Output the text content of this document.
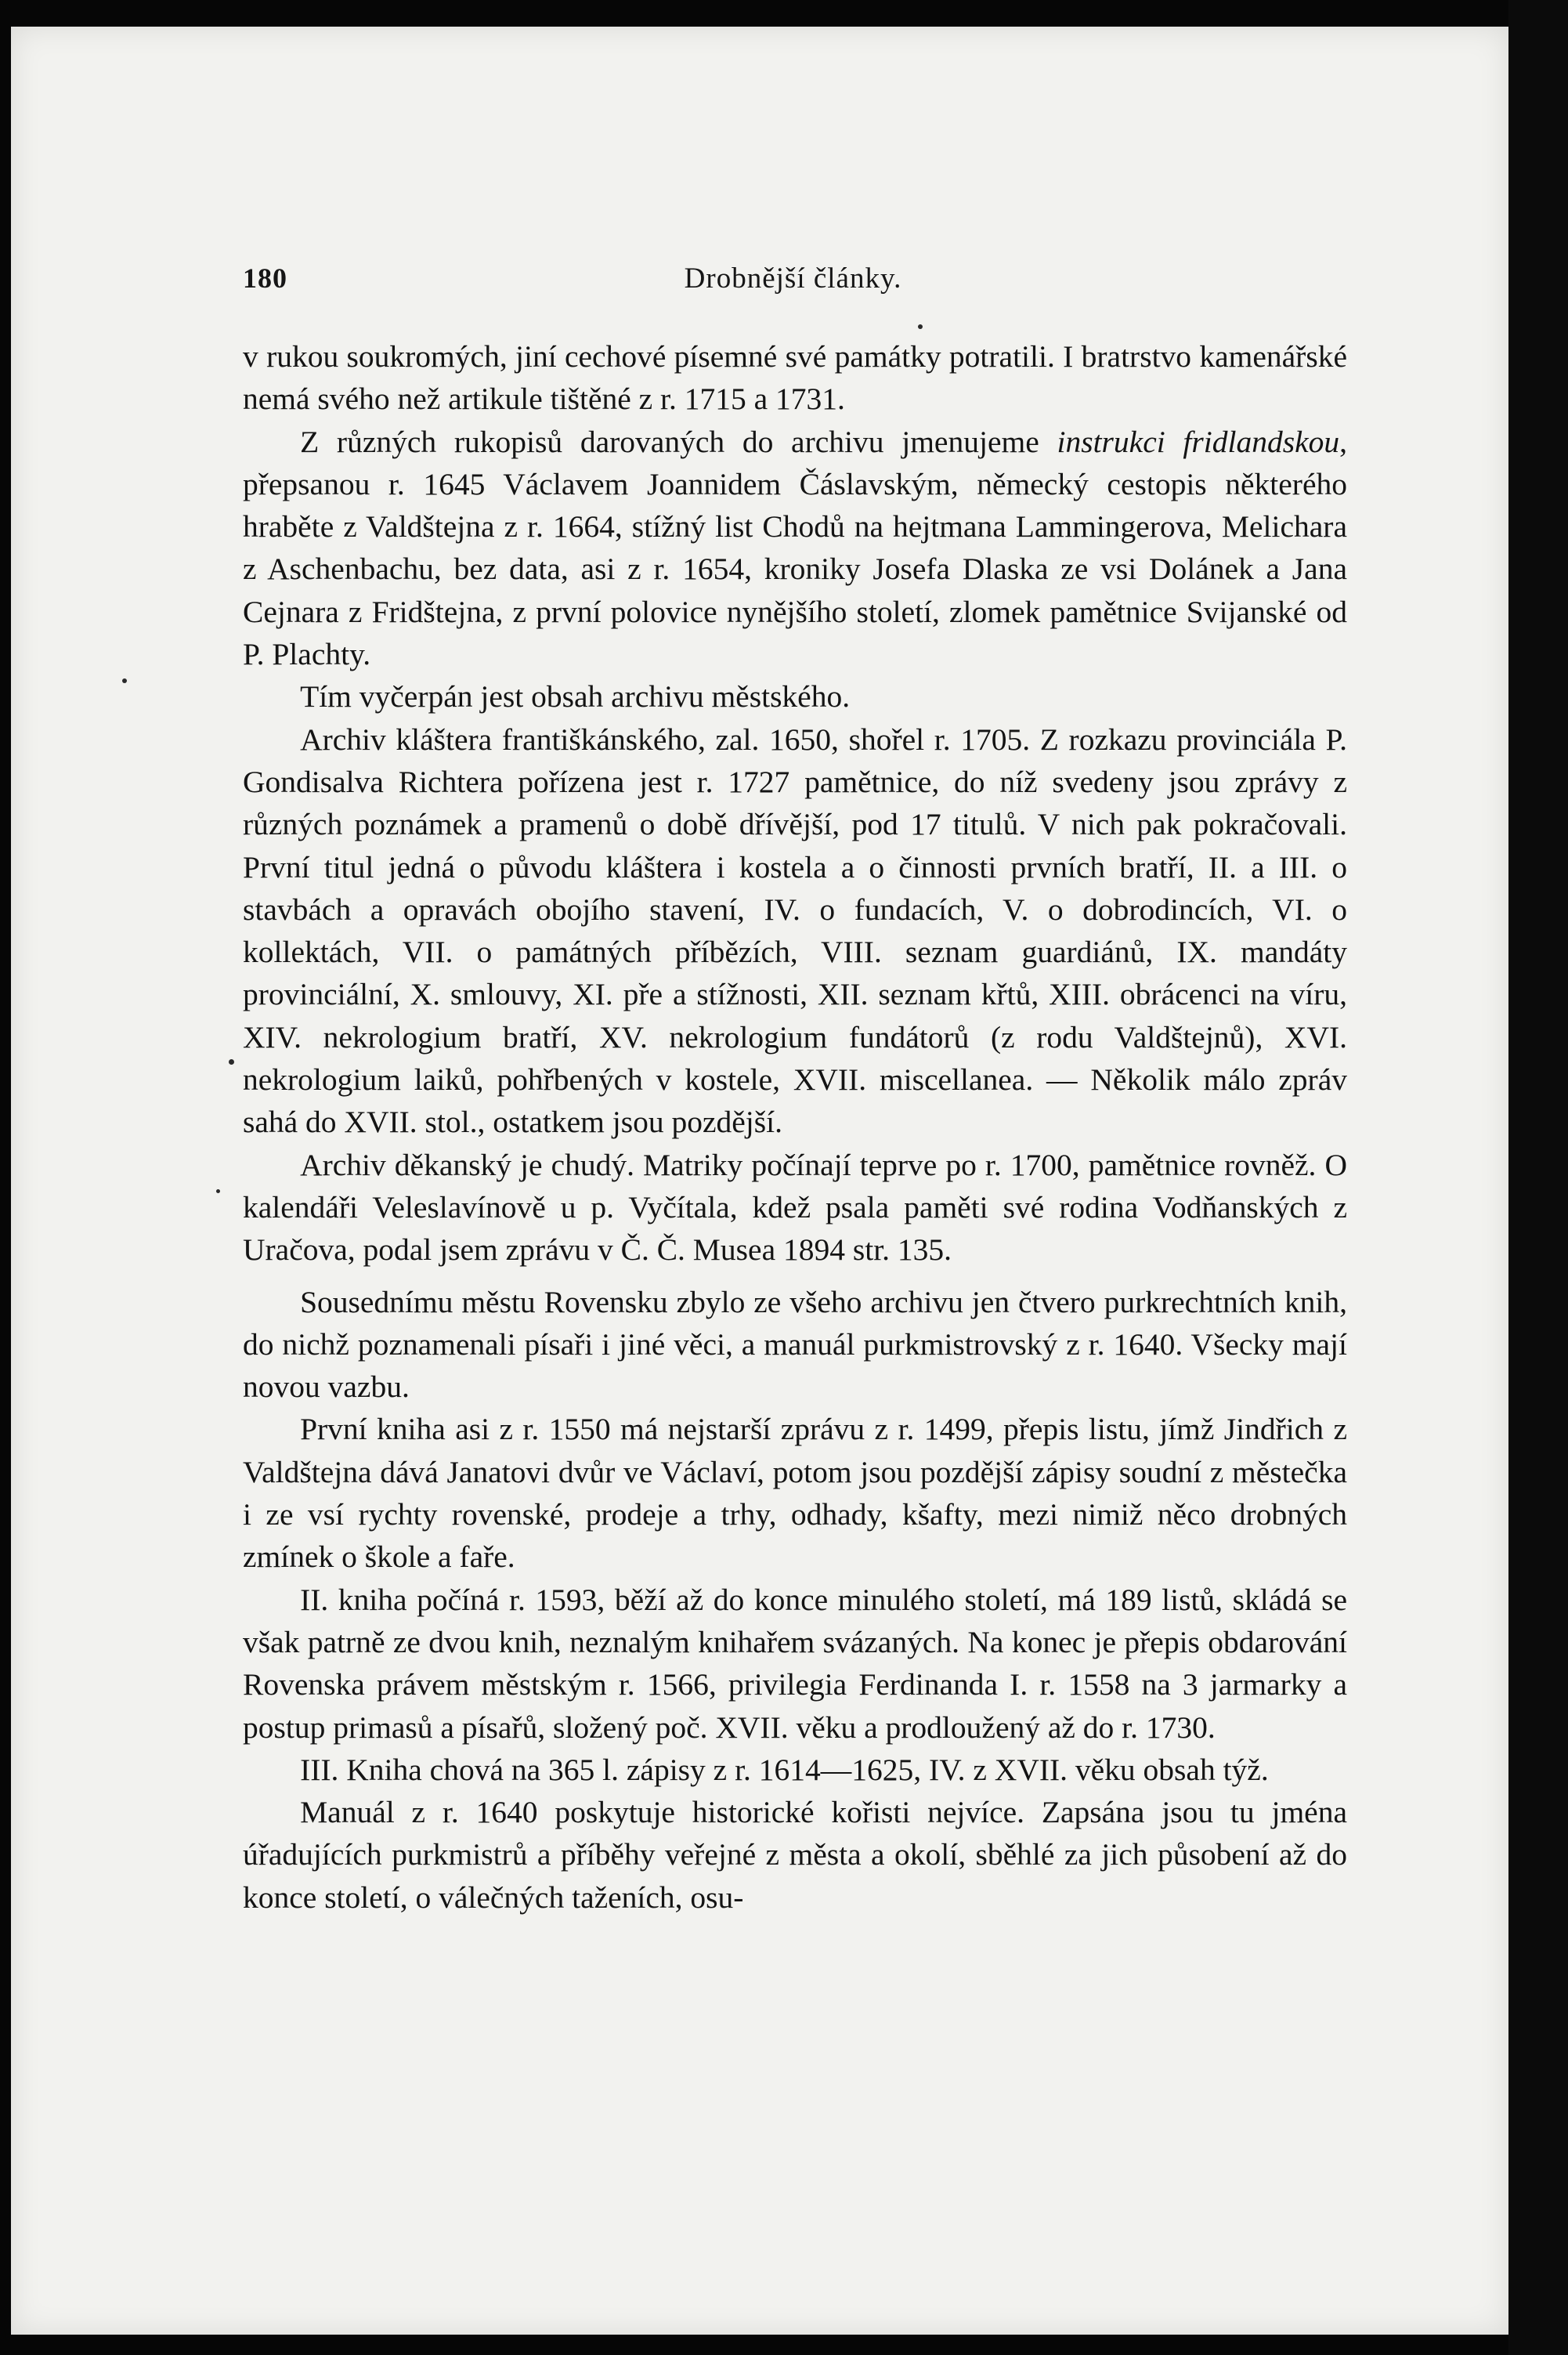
180	Drobnější články.

v rukou soukromých, jiní cechové písemné své památky potratili. I bratrstvo kamenářské nemá svého než artikule tištěné z r. 1715 a 1731.

Z různých rukopisů darovaných do archivu jmenujeme instrukci fridlandskou, přepsanou r. 1645 Václavem Joannidem Čáslavským, německý cestopis některého hraběte z Valdštejna z r. 1664, stížný list Chodů na hejtmana Lammingerova, Melichara z Aschenbachu, bez data, asi z r. 1654, kroniky Josefa Dlaska ze vsi Dolánek a Jana Cejnara z Fridštejna, z první polovice nynějšího století, zlomek pamětnice Svijanské od P. Plachty.

Tím vyčerpán jest obsah archivu městského.

Archiv kláštera františkánského, zal. 1650, shořel r. 1705. Z rozkazu provinciála P. Gondisalva Richtera pořízena jest r. 1727 pamětnice, do níž svedeny jsou zprávy z různých poznámek a pramenů o době dřívější, pod 17 titulů. V nich pak pokračovali. První titul jedná o původu kláštera i kostela a o činnosti prvních bratří, II. a III. o stavbách a opravách obojího stavení, IV. o fundacích, V. o dobrodincích, VI. o kollektách, VII. o památných příbězích, VIII. seznam guardiánů, IX. mandáty provinciální, X. smlouvy, XI. pře a stížnosti, XII. seznam křtů, XIII. obrácenci na víru, XIV. nekrologium bratří, XV. nekrologium fundátorů (z rodu Valdštejnů), XVI. nekrologium laiků, pohřbených v kostele, XVII. miscellanea. — Několik málo zpráv sahá do XVII. stol., ostatkem jsou pozdější.

Archiv děkanský je chudý. Matriky počínají teprve po r. 1700, pamětnice rovněž. O kalendáři Veleslavínově u p. Vyčítala, kdež psala paměti své rodina Vodňanských z Uračova, podal jsem zprávu v Č. Č. Musea 1894 str. 135.

Sousednímu městu Rovensku zbylo ze všeho archivu jen čtvero purkrechtních knih, do nichž poznamenali písaři i jiné věci, a manuál purkmistrovský z r. 1640. Všecky mají novou vazbu.

První kniha asi z r. 1550 má nejstarší zprávu z r. 1499, přepis listu, jímž Jindřich z Valdštejna dává Janatovi dvůr ve Václaví, potom jsou pozdější zápisy soudní z městečka i ze vsí rychty rovenské, prodeje a trhy, odhady, kšafty, mezi nimiž něco drobných zmínek o škole a faře.

II. kniha počíná r. 1593, běží až do konce minulého století, má 189 listů, skládá se však patrně ze dvou knih, neznalým knihařem svázaných. Na konec je přepis obdarování Rovenska právem městským r. 1566, privilegia Ferdinanda I. r. 1558 na 3 jarmarky a postup primasů a písařů, složený poč. XVII. věku a prodloužený až do r. 1730.

III. Kniha chová na 365 l. zápisy z r. 1614—1625, IV. z XVII. věku obsah týž.

Manuál z r. 1640 poskytuje historické kořisti nejvíce. Zapsána jsou tu jména úřadujících purkmistrů a příběhy veřejné z města a okolí, sběhlé za jich působení až do konce století, o válečných taženích, osu-
